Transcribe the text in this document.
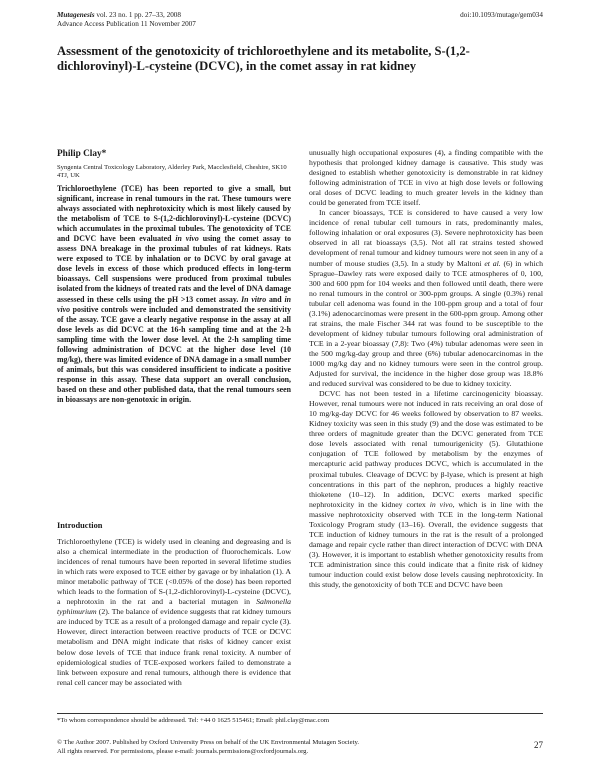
Mutagenesis vol. 23 no. 1 pp. 27–33, 2008
Advance Access Publication 11 November 2007
doi:10.1093/mutage/gem034
Assessment of the genotoxicity of trichloroethylene and its metabolite, S-(1,2-dichlorovinyl)-L-cysteine (DCVC), in the comet assay in rat kidney
Philip Clay*
Syngenta Central Toxicology Laboratory, Alderley Park, Macclesfield, Cheshire, SK10 4TJ, UK
Trichloroethylene (TCE) has been reported to give a small, but significant, increase in renal tumours in the rat. These tumours were always associated with nephrotoxicity which is most likely caused by the metabolism of TCE to S-(1,2-dichlorovinyl)-L-cysteine (DCVC) which accumulates in the proximal tubules. The genotoxicity of TCE and DCVC have been evaluated in vivo using the comet assay to assess DNA breakage in the proximal tubules of rat kidneys. Rats were exposed to TCE by inhalation or to DCVC by oral gavage at dose levels in excess of those which produced effects in long-term bioassays. Cell suspensions were produced from proximal tubules isolated from the kidneys of treated rats and the level of DNA damage assessed in these cells using the pH >13 comet assay. In vitro and in vivo positive controls were included and demonstrated the sensitivity of the assay. TCE gave a clearly negative response in the assay at all dose levels as did DCVC at the 16-h sampling time and at the 2-h sampling time with the lower dose level. At the 2-h sampling time following administration of DCVC at the higher dose level (10 mg/kg), there was limited evidence of DNA damage in a small number of animals, but this was considered insufficient to indicate a positive response in this assay. These data support an overall conclusion, based on these and other published data, that the renal tumours seen in bioassays are non-genotoxic in origin.
Introduction

Trichloroethylene (TCE) is widely used in cleaning and degreasing and is also a chemical intermediate in the production of fluorochemicals. Low incidences of renal tumours have been reported in several lifetime studies in which rats were exposed to TCE either by gavage or by inhalation (1). A minor metabolic pathway of TCE (<0.05% of the dose) has been reported which leads to the formation of S-(1,2-dichlorovinyl)-L-cysteine (DCVC), a nephrotoxin in the rat and a bacterial mutagen in Salmonella typhimurium (2). The balance of evidence suggests that rat kidney tumours are induced by TCE as a result of a prolonged damage and repair cycle (3). However, direct interaction between reactive products of TCE or DCVC metabolism and DNA might indicate that risks of kidney cancer exist below dose levels of TCE that induce frank renal toxicity. A number of epidemiological studies of TCE-exposed workers failed to demonstrate a link between exposure and renal tumours, although there is evidence that renal cell cancer may be associated with

unusually high occupational exposures (4), a finding compatible with the hypothesis that prolonged kidney damage is causative. This study was designed to establish whether genotoxicity is demonstrable in rat kidney following administration of TCE in vivo at high dose levels or following oral doses of DCVC leading to much greater levels in the kidney than could be generated from TCE itself.

In cancer bioassays, TCE is considered to have caused a very low incidence of renal tubular cell tumours in rats, predominantly males, following inhalation or oral exposures (3). Severe nephrotoxicity has been observed in all rat bioassays (3,5). Not all rat strains tested showed development of renal tumour and kidney tumours were not seen in any of a number of mouse studies (3,5). In a study by Maltoni et al. (6) in which Sprague–Dawley rats were exposed daily to TCE atmospheres of 0, 100, 300 and 600 ppm for 104 weeks and then followed until death, there were no renal tumours in the control or 300-ppm groups. A single (0.3%) renal tubular cell adenoma was found in the 100-ppm group and a total of four (3.1%) adenocarcinomas were present in the 600-ppm group. Among other rat strains, the male Fischer 344 rat was found to be susceptible to the development of kidney tubular tumours following oral administration of TCE in a 2-year bioassay (7,8): Two (4%) tubular adenomas were seen in the 500 mg/kg-day group and three (6%) tubular adenocarcinomas in the 1000 mg/kg day and no kidney tumours were seen in the control group. Adjusted for survival, the incidence in the higher dose group was 18.8% and reduced survival was considered to be due to kidney toxicity.

DCVC has not been tested in a lifetime carcinogenicity bioassay. However, renal tumours were not induced in rats receiving an oral dose of 10 mg/kg-day DCVC for 46 weeks followed by observation to 87 weeks. Kidney toxicity was seen in this study (9) and the dose was estimated to be three orders of magnitude greater than the DCVC generated from TCE dose levels associated with renal tumourigenicity (5). Glutathione conjugation of TCE followed by metabolism by the enzymes of mercapturic acid pathway produces DCVC, which is accumulated in the proximal tubules. Cleavage of DCVC by β-lyase, which is present at high concentrations in this part of the nephron, produces a highly reactive thioketene (10–12). In addition, DCVC exerts marked specific nephrotoxicity in the kidney cortex in vivo, which is in line with the massive nephrotoxicity observed with TCE in the long-term National Toxicology Program study (13–16). Overall, the evidence suggests that TCE induction of kidney tumours in the rat is the result of a prolonged damage and repair cycle rather than direct interaction of DCVC with DNA (3). However, it is important to establish whether genotoxicity results from TCE administration since this could indicate that a finite risk of kidney tumour induction could exist below dose levels causing nephrotoxicity. In this study, the genotoxicity of both TCE and DCVC have been

*To whom correspondence should be addressed. Tel: +44 0 1625 515461; Email: phil.clay@mac.com
© The Author 2007. Published by Oxford University Press on behalf of the UK Environmental Mutagen Society.
All rights reserved. For permissions, please e-mail: journals.permissions@oxfordjournals.org.
27
